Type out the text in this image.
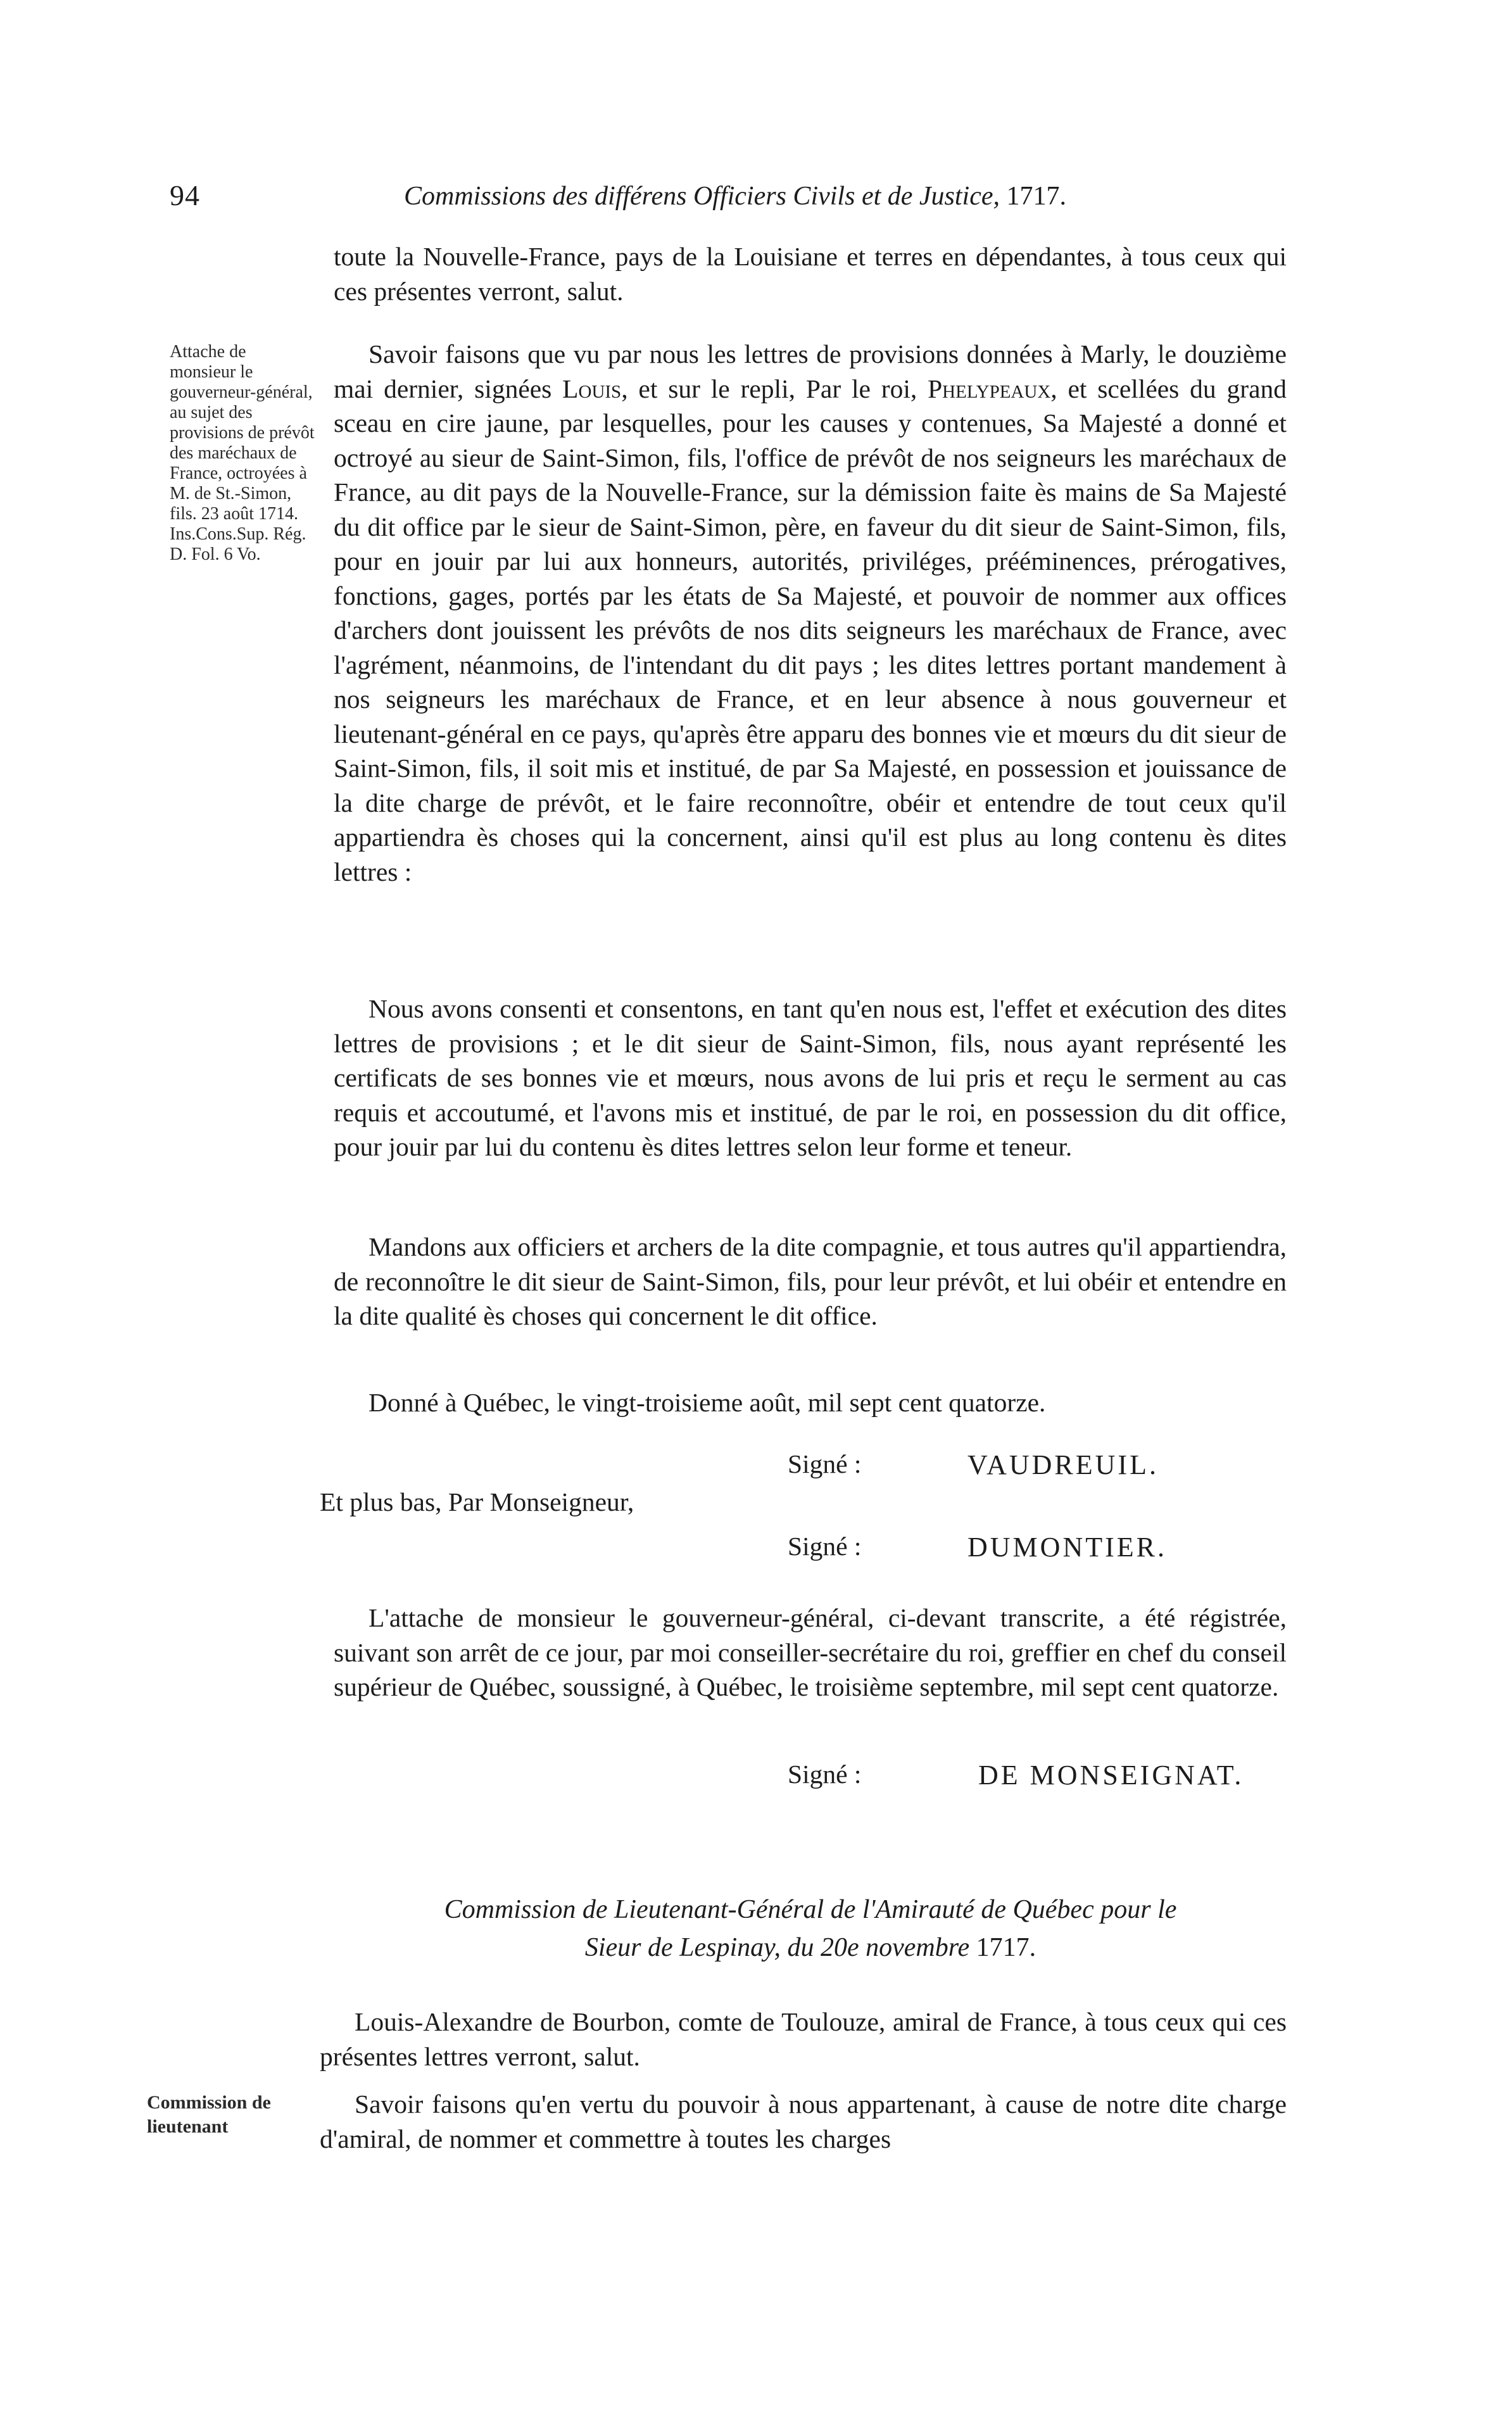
94	Commissions des différens Officiers Civils et de Justice, 1717.

toute la Nouvelle-France, pays de la Louisiane et terres en dépendantes, à tous ceux qui ces présentes verront, salut.

Attache de monsieur le gouverneur-général, au sujet des provisions de prévôt des maréchaux de France, octroyées à M. de St.-Simon, fils. 23 août 1714. Ins.Cons.Sup. Rég. D. Fol. 6 Vo.

Savoir faisons que vu par nous les lettres de provisions données à Marly, le douzième mai dernier, signées Louis, et sur le repli, Par le roi, Phelypeaux, et scellées du grand sceau en cire jaune, par lesquelles, pour les causes y contenues, Sa Majesté a donné et octroyé au sieur de Saint-Simon, fils, l'office de prévôt de nos seigneurs les maréchaux de France, au dit pays de la Nouvelle-France, sur la démission faite ès mains de Sa Majesté du dit office par le sieur de Saint-Simon, père, en faveur du dit sieur de Saint-Simon, fils, pour en jouir par lui aux honneurs, autorités, priviléges, prééminences, prérogatives, fonctions, gages, portés par les états de Sa Majesté, et pouvoir de nommer aux offices d'archers dont jouissent les prévôts de nos dits seigneurs les maréchaux de France, avec l'agrément, néanmoins, de l'intendant du dit pays ; les dites lettres portant mandement à nos seigneurs les maréchaux de France, et en leur absence à nous gouverneur et lieutenant-général en ce pays, qu'après être apparu des bonnes vie et mœurs du dit sieur de Saint-Simon, fils, il soit mis et institué, de par Sa Majesté, en possession et jouissance de la dite charge de prévôt, et le faire reconnoître, obéir et entendre de tout ceux qu'il appartiendra ès choses qui la concernent, ainsi qu'il est plus au long contenu ès dites lettres :

Nous avons consenti et consentons, en tant qu'en nous est, l'effet et exécution des dites lettres de provisions ; et le dit sieur de Saint-Simon, fils, nous ayant représenté les certificats de ses bonnes vie et mœurs, nous avons de lui pris et reçu le serment au cas requis et accoutumé, et l'avons mis et institué, de par le roi, en possession du dit office, pour jouir par lui du contenu ès dites lettres selon leur forme et teneur.

Mandons aux officiers et archers de la dite compagnie, et tous autres qu'il appartiendra, de reconnoître le dit sieur de Saint-Simon, fils, pour leur prévôt, et lui obéir et entendre en la dite qualité ès choses qui concernent le dit office.

Donné à Québec, le vingt-troisieme août, mil sept cent quatorze.

Signé :	VAUDREUIL.
Et plus bas, Par Monseigneur,
Signé :	DUMONTIER.

L'attache de monsieur le gouverneur-général, ci-devant transcrite, a été régistrée, suivant son arrêt de ce jour, par moi conseiller-secrétaire du roi, greffier en chef du conseil supérieur de Québec, soussigné, à Québec, le troisième septembre, mil sept cent quatorze.

Signé :	DE MONSEIGNAT.
Commission de Lieutenant-Général de l'Amirauté de Québec pour le
Sieur de Lespinay, du 20e novembre 1717.

Louis-Alexandre de Bourbon, comte de Toulouze, amiral de France, à tous ceux qui ces présentes lettres verront, salut.

Commission de lieutenant

Savoir faisons qu'en vertu du pouvoir à nous appartenant, à cause de notre dite charge d'amiral, de nommer et commettre à toutes les charges
